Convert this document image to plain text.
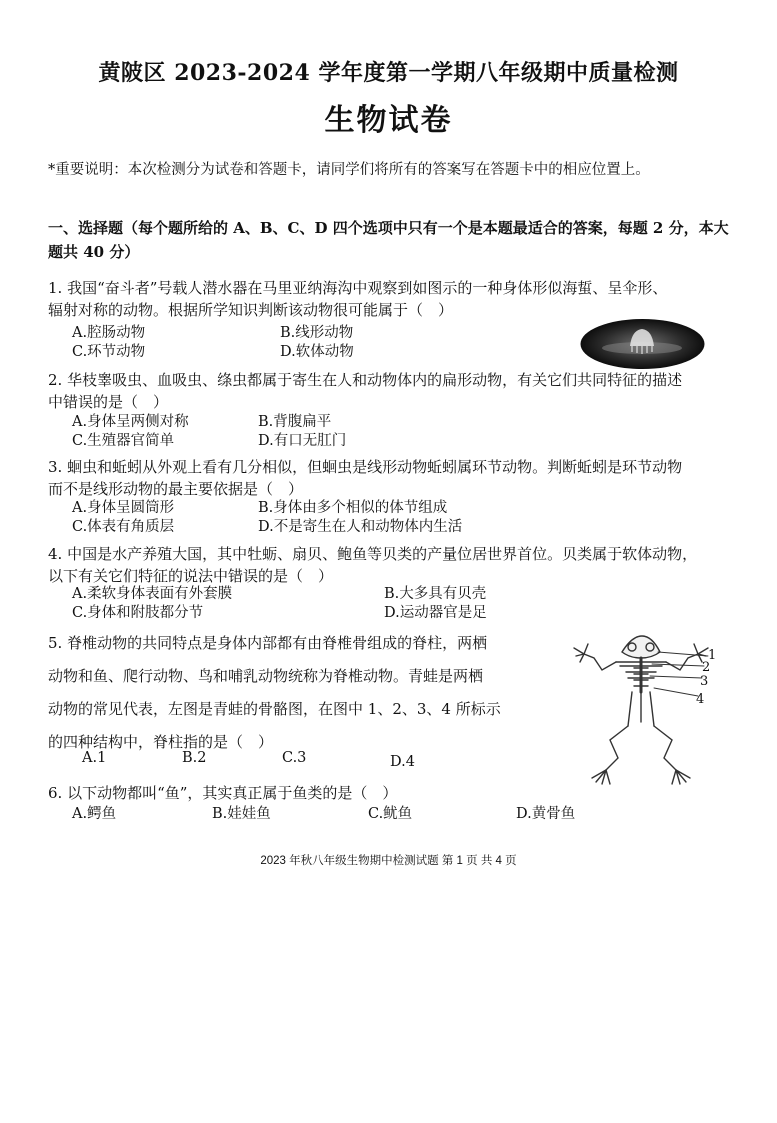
黄陂区 2023-2024 学年度第一学期八年级期中质量检测
生物试卷
*重要说明：本次检测分为试卷和答题卡，请同学们将所有的答案写在答题卡中的相应位置上。
一、选择题（每个题所给的 A、B、C、D 四个选项中只有一个是本题最适合的答案，每题 2 分，本大题共 40 分）
1. 我国“奋斗者”号载人潜水器在马里亚纳海沟中观察到如图示的一种身体形似海蜇、呈伞形、
辐射对称的动物。根据所学知识判断该动物很可能属于（　）
A.腔肠动物	B.线形动物
C.环节动物	D.软体动物
2. 华枝睾吸虫、血吸虫、绦虫都属于寄生在人和动物体内的扁形动物，有关它们共同特征的描述
中错误的是（　）
A.身体呈两侧对称	B.背腹扁平
C.生殖器官简单	D.有口无肛门
3. 蛔虫和蚯蚓从外观上看有几分相似，但蛔虫是线形动物蚯蚓属环节动物。判断蚯蚓是环节动物
而不是线形动物的最主要依据是（　）
A.身体呈圆筒形	B.身体由多个相似的体节组成
C.体表有角质层	D.不是寄生在人和动物体内生活
4. 中国是水产养殖大国，其中牡蛎、扇贝、鲍鱼等贝类的产量位居世界首位。贝类属于软体动物，
以下有关它们特征的说法中错误的是（　）
A.柔软身体表面有外套膜	B.大多具有贝壳
C.身体和附肢都分节	D.运动器官是足
5. 脊椎动物的共同特点是身体内部都有由脊椎骨组成的脊柱，两栖
动物和鱼、爬行动物、鸟和哺乳动物统称为脊椎动物。青蛙是两栖
动物的常见代表，左图是青蛙的骨骼图，在图中 1、2、3、4 所标示
的四种结构中，脊柱指的是（　）
A.1	B.2	C.3	D.4
1
2
3
4
6. 以下动物都叫“鱼”，其实真正属于鱼类的是（　）
A.鳄鱼	B.娃娃鱼	C.鱿鱼	D.黄骨鱼
2023 年秋八年级生物期中检测试题 第 1 页 共 4 页
